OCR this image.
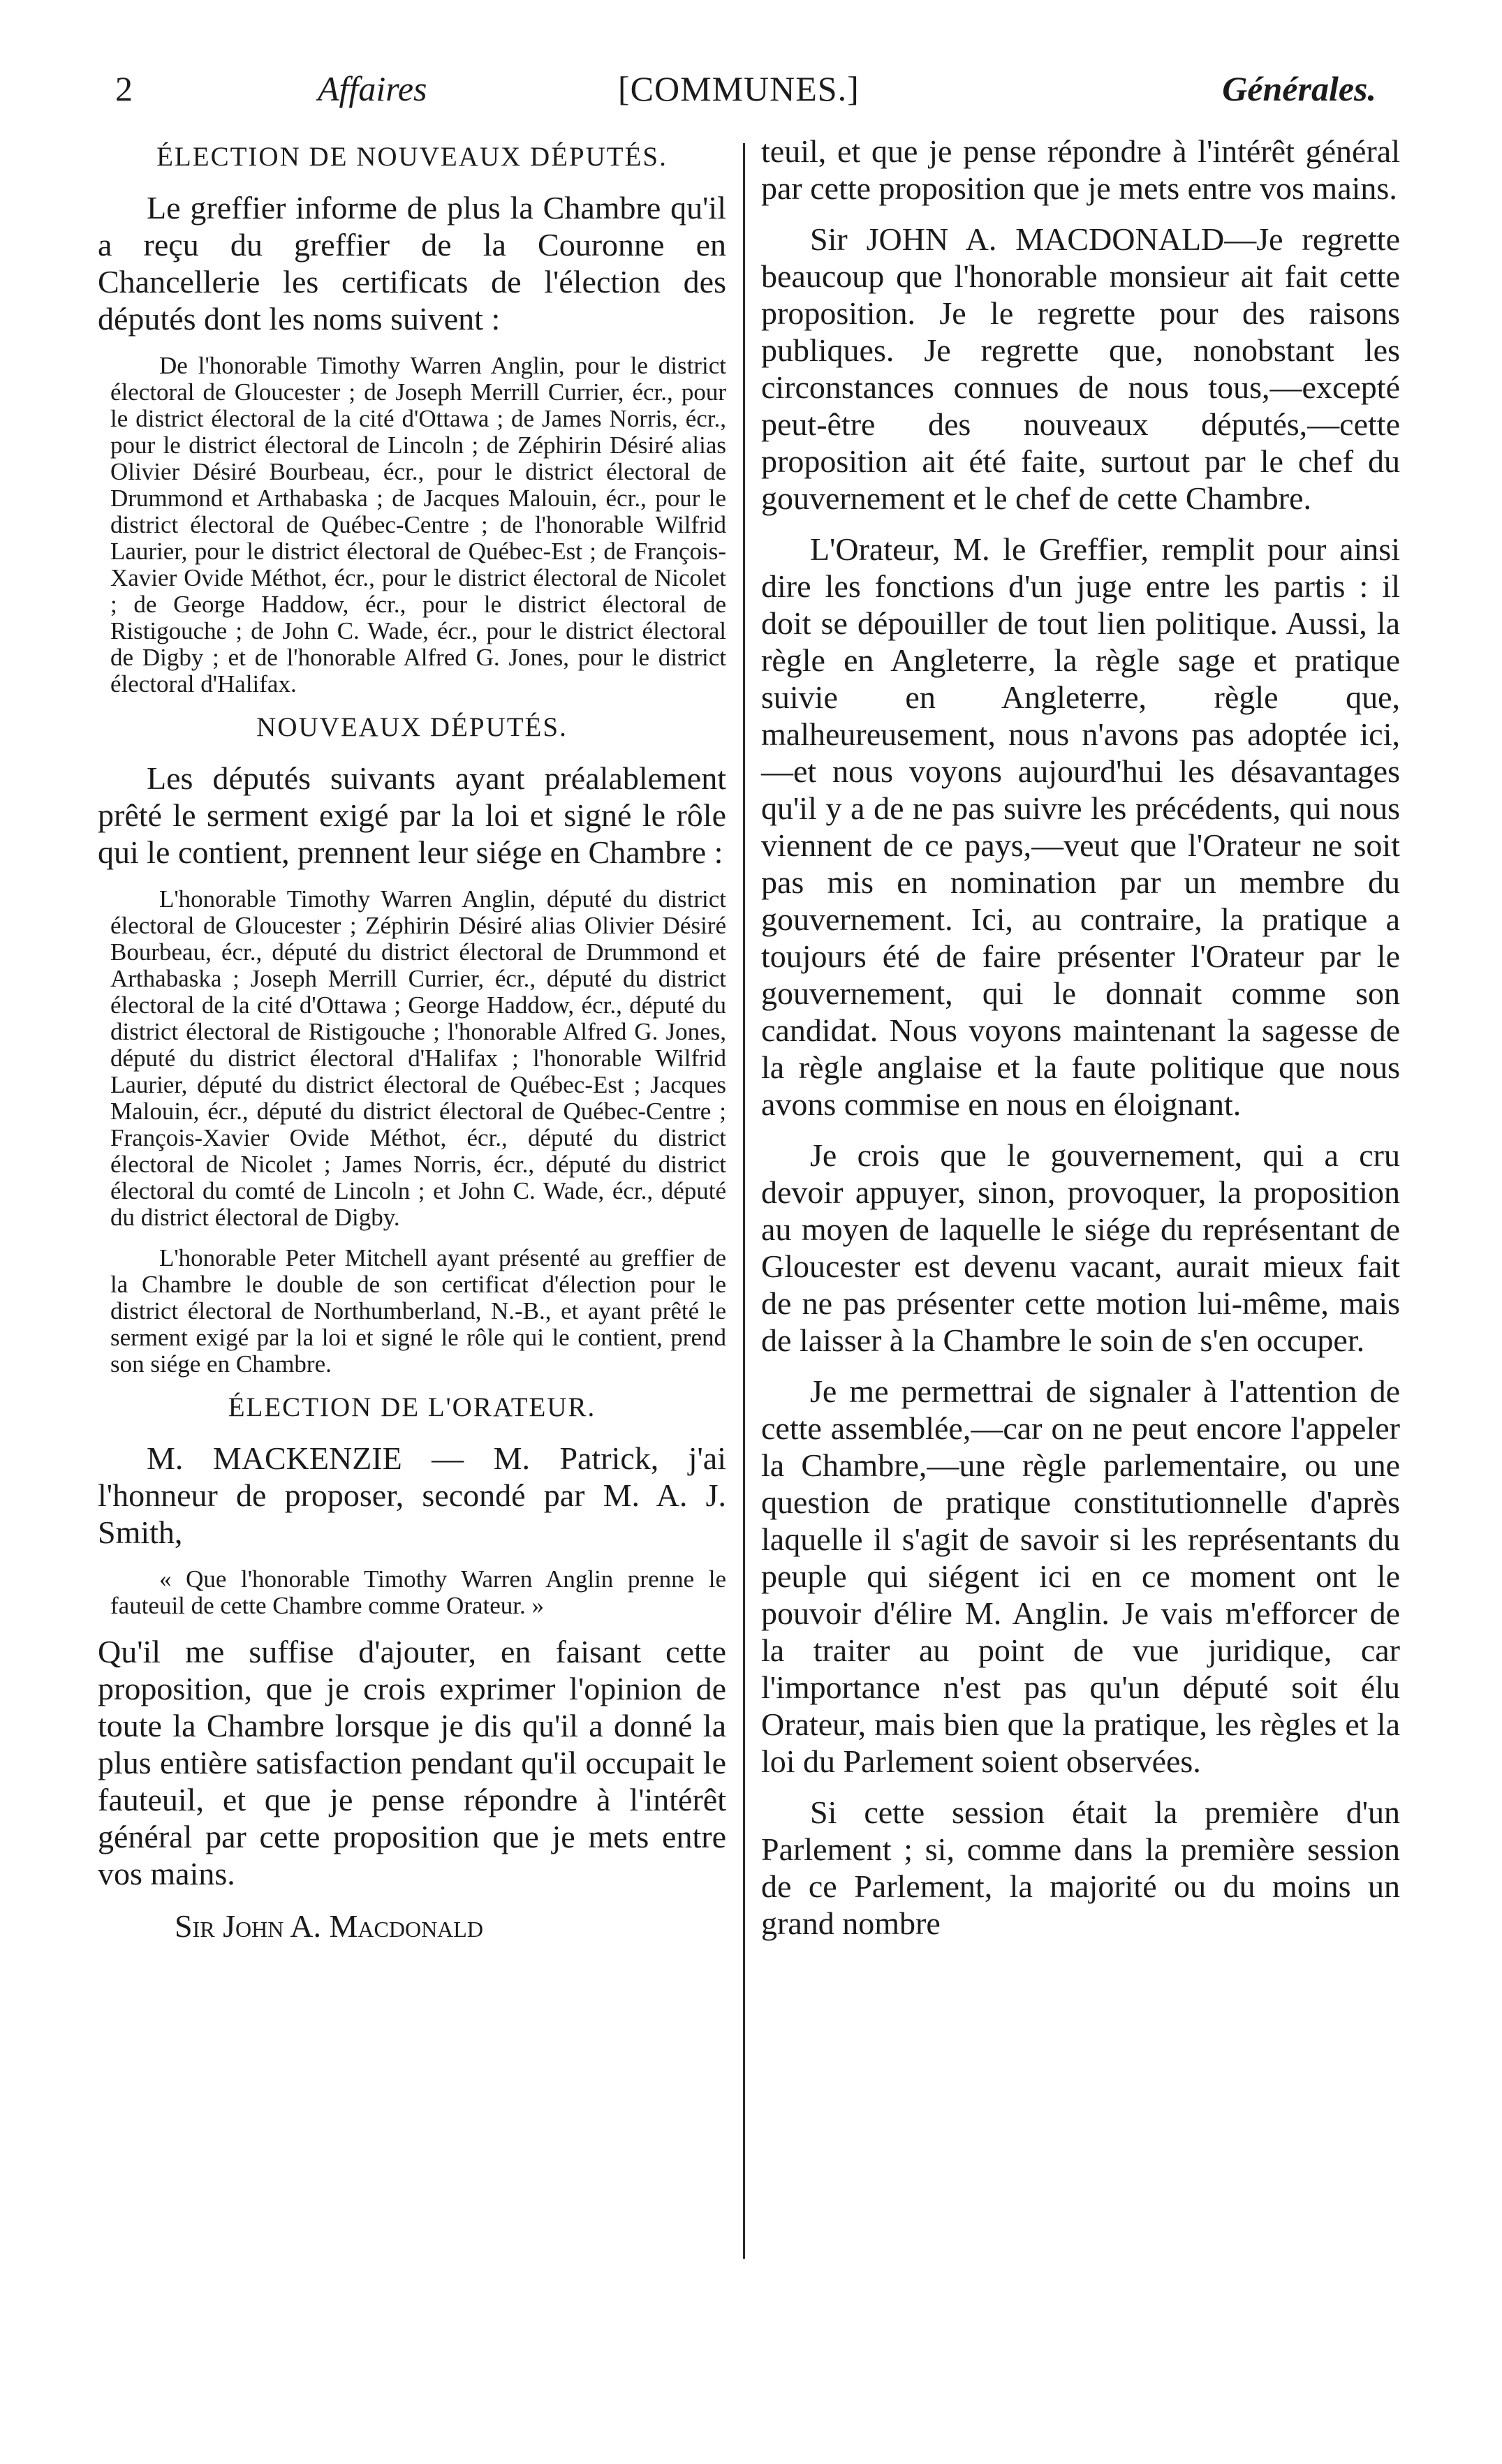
2	Affaires	[COMMUNES.]	Générales.
ÉLECTION DE NOUVEAUX DÉPUTÉS.

Le greffier informe de plus la Chambre qu'il a reçu du greffier de la Couronne en Chancellerie les certificats de l'élection des députés dont les noms suivent :

De l'honorable Timothy Warren Anglin, pour le district électoral de Gloucester ; de Joseph Merrill Currier, écr., pour le district électoral de la cité d'Ottawa ; de James Norris, écr., pour le district électoral de Lincoln ; de Zéphirin Désiré alias Olivier Désiré Bourbeau, écr., pour le district électoral de Drummond et Arthabaska ; de Jacques Malouin, écr., pour le district électoral de Québec-Centre ; de l'honorable Wilfrid Laurier, pour le district électoral de Québec-Est ; de François-Xavier Ovide Méthot, écr., pour le district électoral de Nicolet ; de George Haddow, écr., pour le district électoral de Ristigouche ; de John C. Wade, écr., pour le district électoral de Digby ; et de l'honorable Alfred G. Jones, pour le district électoral d'Halifax.

NOUVEAUX DÉPUTÉS.

Les députés suivants ayant préalablement prêté le serment exigé par la loi et signé le rôle qui le contient, prennent leur siége en Chambre :

L'honorable Timothy Warren Anglin, député du district électoral de Gloucester ; Zéphirin Désiré alias Olivier Désiré Bourbeau, écr., député du district électoral de Drummond et Arthabaska ; Joseph Merrill Currier, écr., député du district électoral de la cité d'Ottawa ; George Haddow, écr., député du district électoral de Ristigouche ; l'honorable Alfred G. Jones, député du district électoral d'Halifax ; l'honorable Wilfrid Laurier, député du district électoral de Québec-Est ; Jacques Malouin, écr., député du district électoral de Québec-Centre ; François-Xavier Ovide Méthot, écr., député du district électoral de Nicolet ; James Norris, écr., député du district électoral du comté de Lincoln ; et John C. Wade, écr., député du district électoral de Digby.

L'honorable Peter Mitchell ayant présenté au greffier de la Chambre le double de son certificat d'élection pour le district électoral de Northumberland, N.-B., et ayant prêté le serment exigé par la loi et signé le rôle qui le contient, prend son siége en Chambre.

ÉLECTION DE L'ORATEUR.

M. MACKENZIE — M. Patrick, j'ai l'honneur de proposer, secondé par M. A. J. Smith,

« Que l'honorable Timothy Warren Anglin prenne le fauteuil de cette Chambre comme Orateur. »

Qu'il me suffise d'ajouter, en faisant cette proposition, que je crois exprimer l'opinion de toute la Chambre lorsque je dis qu'il a donné la plus entière satisfaction pendant qu'il occupait le fauteuil, et que je pense répondre à l'intérêt général par cette proposition que je mets entre vos mains.

Sir John A. Macdonald

teuil, et que je pense répondre à l'intérêt général par cette proposition que je mets entre vos mains.

Sir JOHN A. MACDONALD—Je regrette beaucoup que l'honorable monsieur ait fait cette proposition. Je le regrette pour des raisons publiques. Je regrette que, nonobstant les circonstances connues de nous tous,—excepté peut-être des nouveaux députés,—cette proposition ait été faite, surtout par le chef du gouvernement et le chef de cette Chambre.

L'Orateur, M. le Greffier, remplit pour ainsi dire les fonctions d'un juge entre les partis : il doit se dépouiller de tout lien politique. Aussi, la règle en Angleterre, la règle sage et pratique suivie en Angleterre, règle que, malheureusement, nous n'avons pas adoptée ici,—et nous voyons aujourd'hui les désavantages qu'il y a de ne pas suivre les précédents, qui nous viennent de ce pays,—veut que l'Orateur ne soit pas mis en nomination par un membre du gouvernement. Ici, au contraire, la pratique a toujours été de faire présenter l'Orateur par le gouvernement, qui le donnait comme son candidat. Nous voyons maintenant la sagesse de la règle anglaise et la faute politique que nous avons commise en nous en éloignant.

Je crois que le gouvernement, qui a cru devoir appuyer, sinon, provoquer, la proposition au moyen de laquelle le siége du représentant de Gloucester est devenu vacant, aurait mieux fait de ne pas présenter cette motion lui-même, mais de laisser à la Chambre le soin de s'en occuper.

Je me permettrai de signaler à l'attention de cette assemblée,—car on ne peut encore l'appeler la Chambre,—une règle parlementaire, ou une question de pratique constitutionnelle d'après laquelle il s'agit de savoir si les représentants du peuple qui siégent ici en ce moment ont le pouvoir d'élire M. Anglin. Je vais m'efforcer de la traiter au point de vue juridique, car l'importance n'est pas qu'un député soit élu Orateur, mais bien que la pratique, les règles et la loi du Parlement soient observées.

Si cette session était la première d'un Parlement ; si, comme dans la première session de ce Parlement, la majorité ou du moins un grand nombre
